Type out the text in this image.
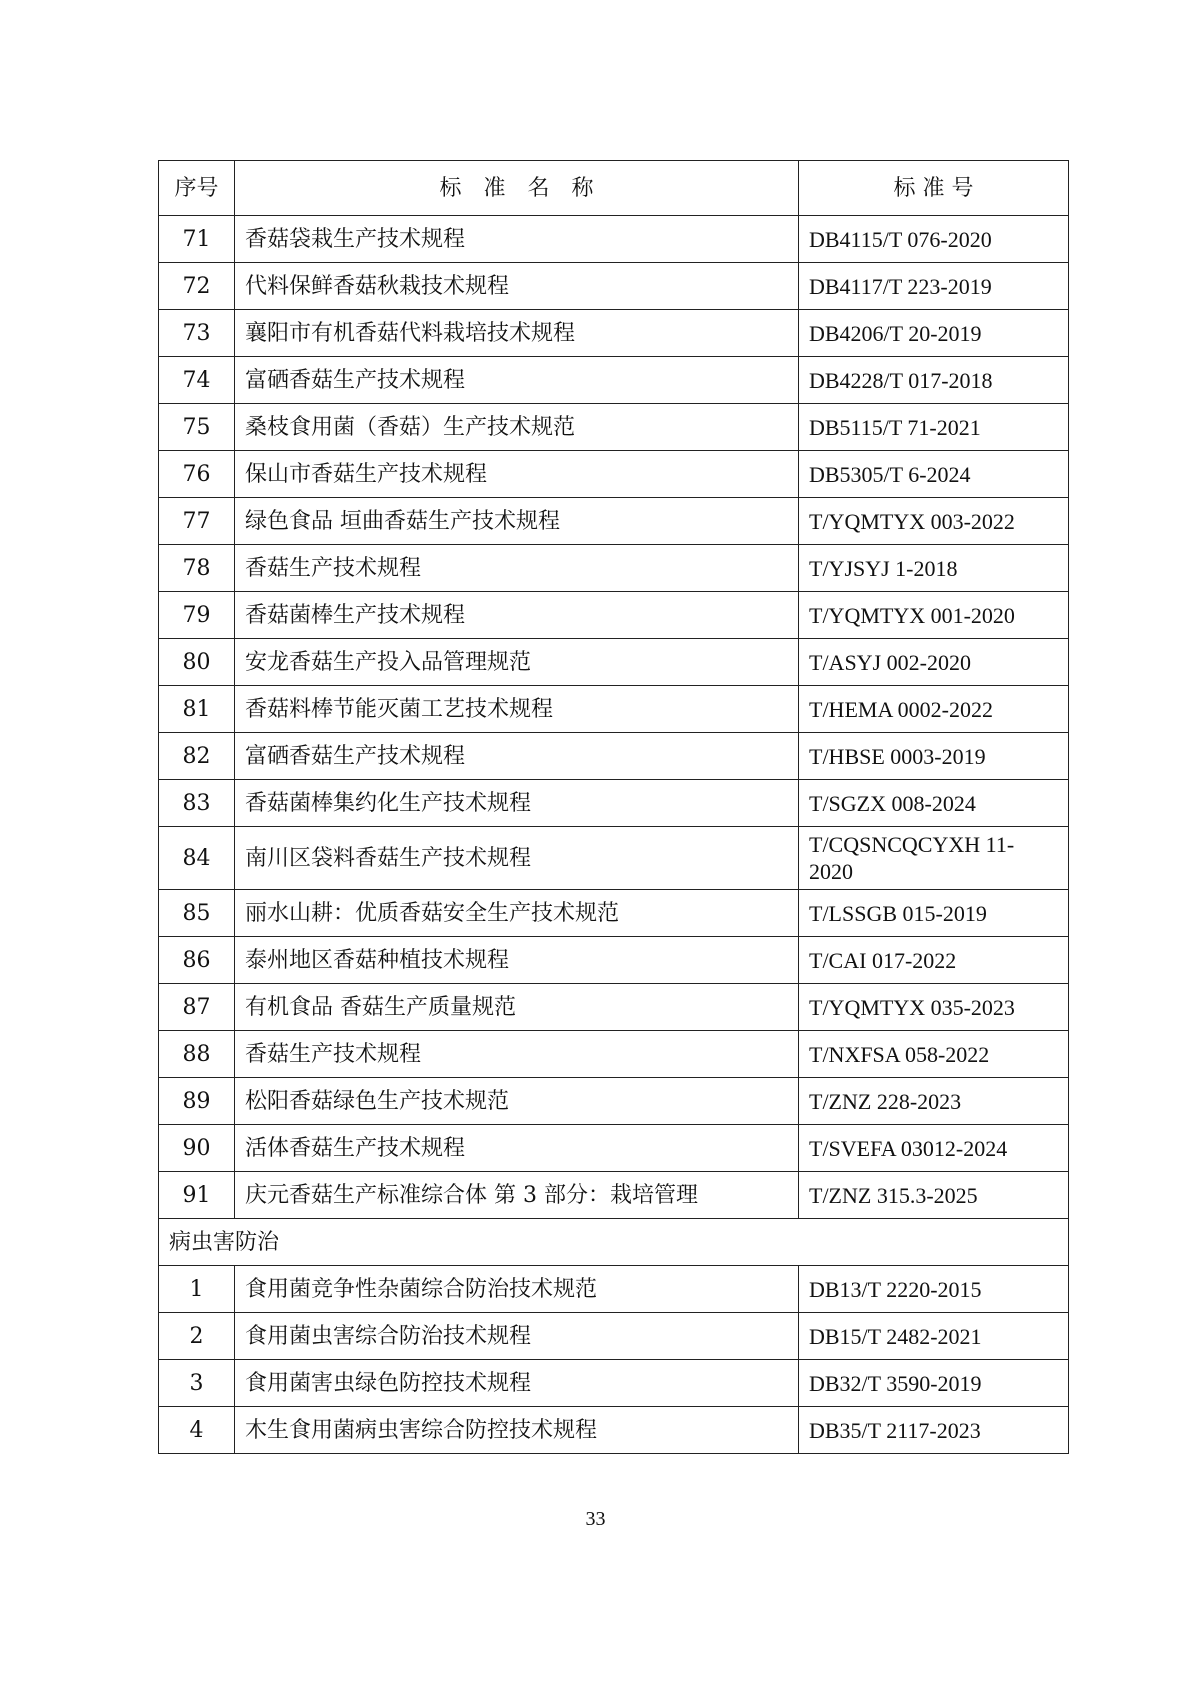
序号	标　准　名　称	标 准 号
71	香菇袋栽生产技术规程	DB4115/T 076-2020
72	代料保鲜香菇秋栽技术规程	DB4117/T 223-2019
73	襄阳市有机香菇代料栽培技术规程	DB4206/T 20-2019
74	富硒香菇生产技术规程	DB4228/T 017-2018
75	桑枝食用菌（香菇）生产技术规范	DB5115/T 71-2021
76	保山市香菇生产技术规程	DB5305/T 6-2024
77	绿色食品 垣曲香菇生产技术规程	T/YQMTYX 003-2022
78	香菇生产技术规程	T/YJSYJ 1-2018
79	香菇菌棒生产技术规程	T/YQMTYX 001-2020
80	安龙香菇生产投入品管理规范	T/ASYJ 002-2020
81	香菇料棒节能灭菌工艺技术规程	T/HEMA 0002-2022
82	富硒香菇生产技术规程	T/HBSE 0003-2019
83	香菇菌棒集约化生产技术规程	T/SGZX 008-2024
84	南川区袋料香菇生产技术规程	T/CQSNCQCYXH 11-2020
85	丽水山耕：优质香菇安全生产技术规范	T/LSSGB 015-2019
86	泰州地区香菇种植技术规程	T/CAI 017-2022
87	有机食品 香菇生产质量规范	T/YQMTYX 035-2023
88	香菇生产技术规程	T/NXFSA 058-2022
89	松阳香菇绿色生产技术规范	T/ZNZ 228-2023
90	活体香菇生产技术规程	T/SVEFA 03012-2024
91	庆元香菇生产标准综合体 第 3 部分：栽培管理	T/ZNZ 315.3-2025
病虫害防治		
1	食用菌竞争性杂菌综合防治技术规范	DB13/T 2220-2015
2	食用菌虫害综合防治技术规程	DB15/T 2482-2021
3	食用菌害虫绿色防控技术规程	DB32/T 3590-2019
4	木生食用菌病虫害综合防控技术规程	DB35/T 2117-2023
33
